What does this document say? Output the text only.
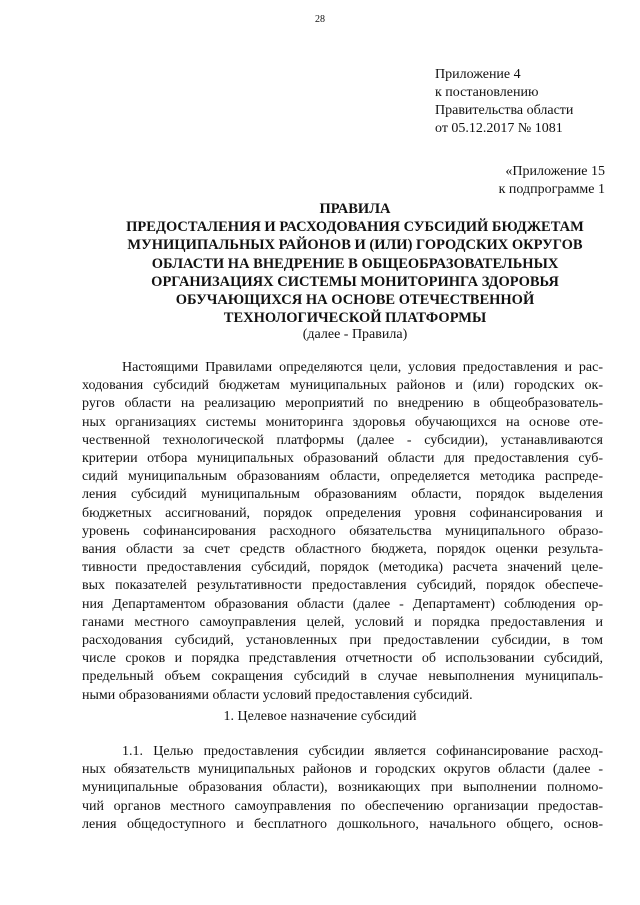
28
Приложение 4
к постановлению
Правительства области
от 05.12.2017 № 1081
«Приложение 15
к подпрограмме 1
ПРАВИЛА
ПРЕДОСТАЛЕНИЯ И РАСХОДОВАНИЯ СУБСИДИЙ БЮДЖЕТАМ
МУНИЦИПАЛЬНЫХ РАЙОНОВ И (ИЛИ) ГОРОДСКИХ ОКРУГОВ
ОБЛАСТИ НА ВНЕДРЕНИЕ В ОБЩЕОБРАЗОВАТЕЛЬНЫХ
ОРГАНИЗАЦИЯХ СИСТЕМЫ МОНИТОРИНГА ЗДОРОВЬЯ
ОБУЧАЮЩИХСЯ НА ОСНОВЕ ОТЕЧЕСТВЕННОЙ
ТЕХНОЛОГИЧЕСКОЙ ПЛАТФОРМЫ
(далее - Правила)
Настоящими Правилами определяются цели, условия предоставления и рас-
ходования субсидий бюджетам муниципальных районов и (или) городских ок-
ругов области на реализацию мероприятий по внедрению в общеобразователь-
ных организациях системы мониторинга здоровья обучающихся на основе оте-
чественной технологической платформы (далее - субсидии), устанавливаются
критерии отбора муниципальных образований области для предоставления суб-
сидий муниципальным образованиям области, определяется методика распреде-
ления субсидий муниципальным образованиям области, порядок выделения
бюджетных ассигнований, порядок определения уровня софинансирования и
уровень софинансирования расходного обязательства муниципального образо-
вания области за счет средств областного бюджета, порядок оценки результа-
тивности предоставления субсидий, порядок (методика) расчета значений целе-
вых показателей результативности предоставления субсидий, порядок обеспече-
ния Департаментом образования области (далее - Департамент) соблюдения ор-
ганами местного самоуправления целей, условий и порядка предоставления и
расходования субсидий, установленных при предоставлении субсидии, в том
числе сроков и порядка представления отчетности об использовании субсидий,
предельный объем сокращения субсидий в случае невыполнения муниципаль-
ными образованиями области условий предоставления субсидий.
1. Целевое назначение субсидий
1.1. Целью предоставления субсидии является софинансирование расход-
ных обязательств муниципальных районов и городских округов области (далее -
муниципальные образования области), возникающих при выполнении полномо-
чий органов местного самоуправления по обеспечению организации предостав-
ления общедоступного и бесплатного дошкольного, начального общего, основ-
